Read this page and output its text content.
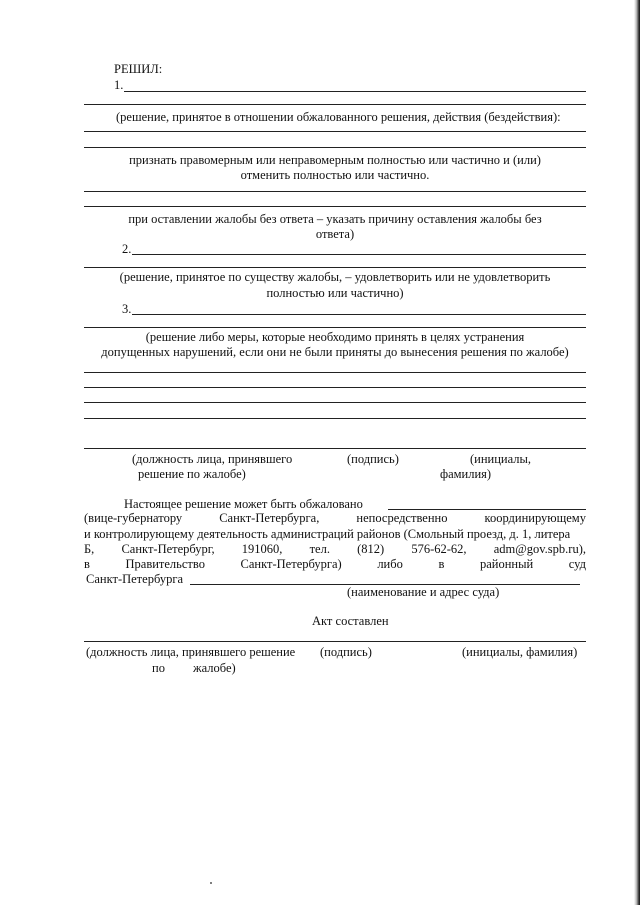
РЕШИЛ:
1.
(решение, принятое в отношении обжалованного решения, действия (бездействия):
признать правомерным или неправомерным полностью или частично и (или)
отменить полностью или частично.
при оставлении жалобы без ответа – указать причину оставления жалобы без
ответа)
2.
(решение, принятое по существу жалобы, – удовлетворить или не удовлетворить
полностью или частично)
3.
(решение либо меры, которые необходимо принять в целях устранения
допущенных нарушений, если они не были приняты до вынесения решения по жалобе)
(должность лица, принявшего
решение по жалобе)
(подпись)	(инициалы,
фамилия)
Настоящее решение может быть обжаловано
(вице-губернатору	Санкт-Петербурга,	непосредственно	координирующему
и контролирующему деятельность администраций районов (Смольный проезд, д. 1, литера
Б, Санкт-Петербург, 191060, тел. (812) 576-62-62, adm@gov.spb.ru),
в	Правительство	Санкт-Петербурга)	либо	в	районный	суд
Санкт-Петербурга
(наименование и адрес суда)
Акт составлен
(должность лица, принявшего решение
по жалобе)
(подпись)	(инициалы, фамилия)
